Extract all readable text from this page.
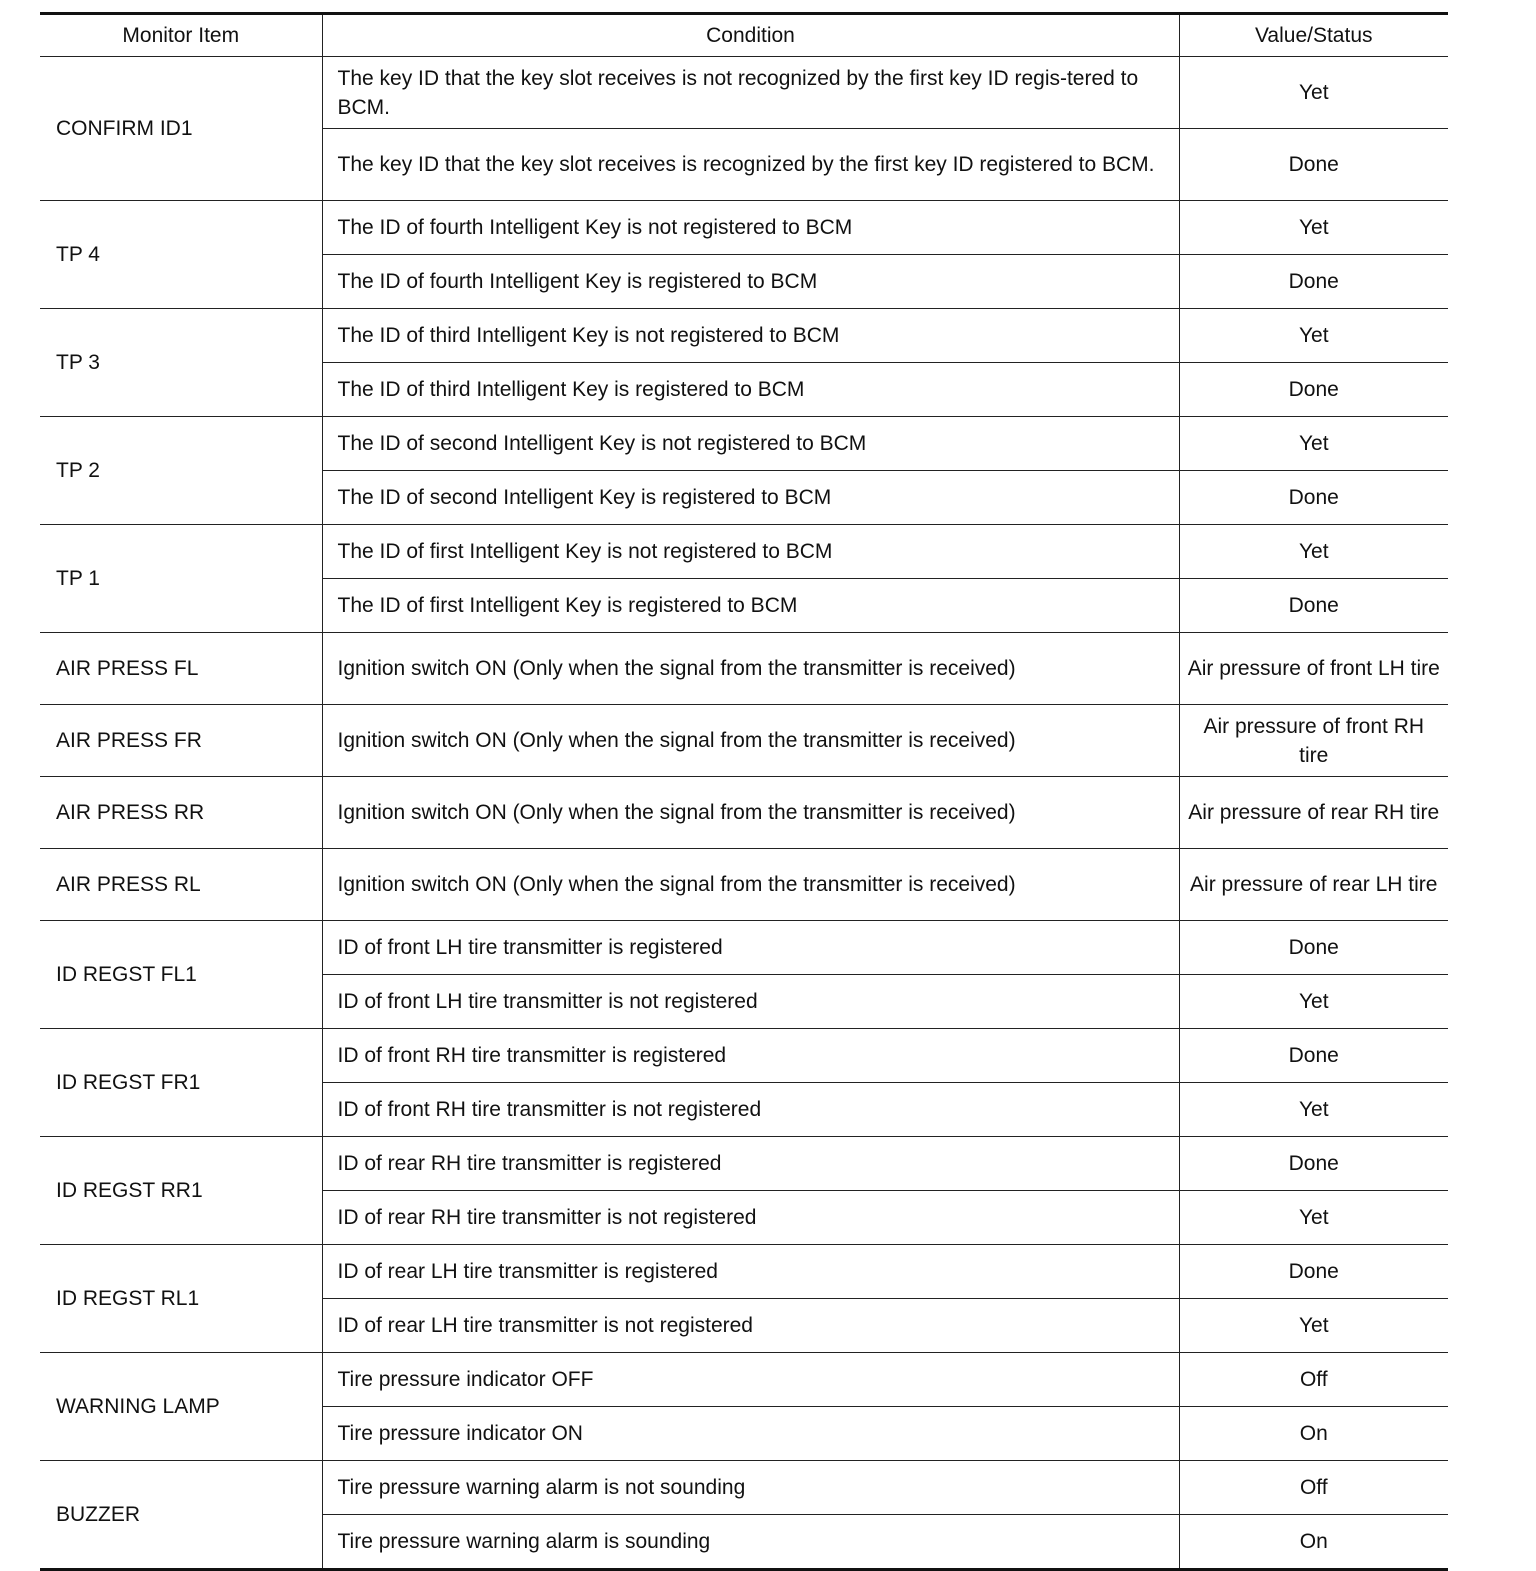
Monitor Item	Condition	Value/Status
CONFIRM ID1	The key ID that the key slot receives is not recognized by the first key ID regis-tered to BCM.	Yet
	The key ID that the key slot receives is recognized by the first key ID registered to BCM.	Done
TP 4	The ID of fourth Intelligent Key is not registered to BCM	Yet
	The ID of fourth Intelligent Key is registered to BCM	Done
TP 3	The ID of third Intelligent Key is not registered to BCM	Yet
	The ID of third Intelligent Key is registered to BCM	Done
TP 2	The ID of second Intelligent Key is not registered to BCM	Yet
	The ID of second Intelligent Key is registered to BCM	Done
TP 1	The ID of first Intelligent Key is not registered to BCM	Yet
	The ID of first Intelligent Key is registered to BCM	Done
AIR PRESS FL	Ignition switch ON (Only when the signal from the transmitter is received)	Air pressure of front LH tire
AIR PRESS FR	Ignition switch ON (Only when the signal from the transmitter is received)	Air pressure of front RH tire
AIR PRESS RR	Ignition switch ON (Only when the signal from the transmitter is received)	Air pressure of rear RH tire
AIR PRESS RL	Ignition switch ON (Only when the signal from the transmitter is received)	Air pressure of rear LH tire
ID REGST FL1	ID of front LH tire transmitter is registered	Done
	ID of front LH tire transmitter is not registered	Yet
ID REGST FR1	ID of front RH tire transmitter is registered	Done
	ID of front RH tire transmitter is not registered	Yet
ID REGST RR1	ID of rear RH tire transmitter is registered	Done
	ID of rear RH tire transmitter is not registered	Yet
ID REGST RL1	ID of rear LH tire transmitter is registered	Done
	ID of rear LH tire transmitter is not registered	Yet
WARNING LAMP	Tire pressure indicator OFF	Off
	Tire pressure indicator ON	On
BUZZER	Tire pressure warning alarm is not sounding	Off
	Tire pressure warning alarm is sounding	On
